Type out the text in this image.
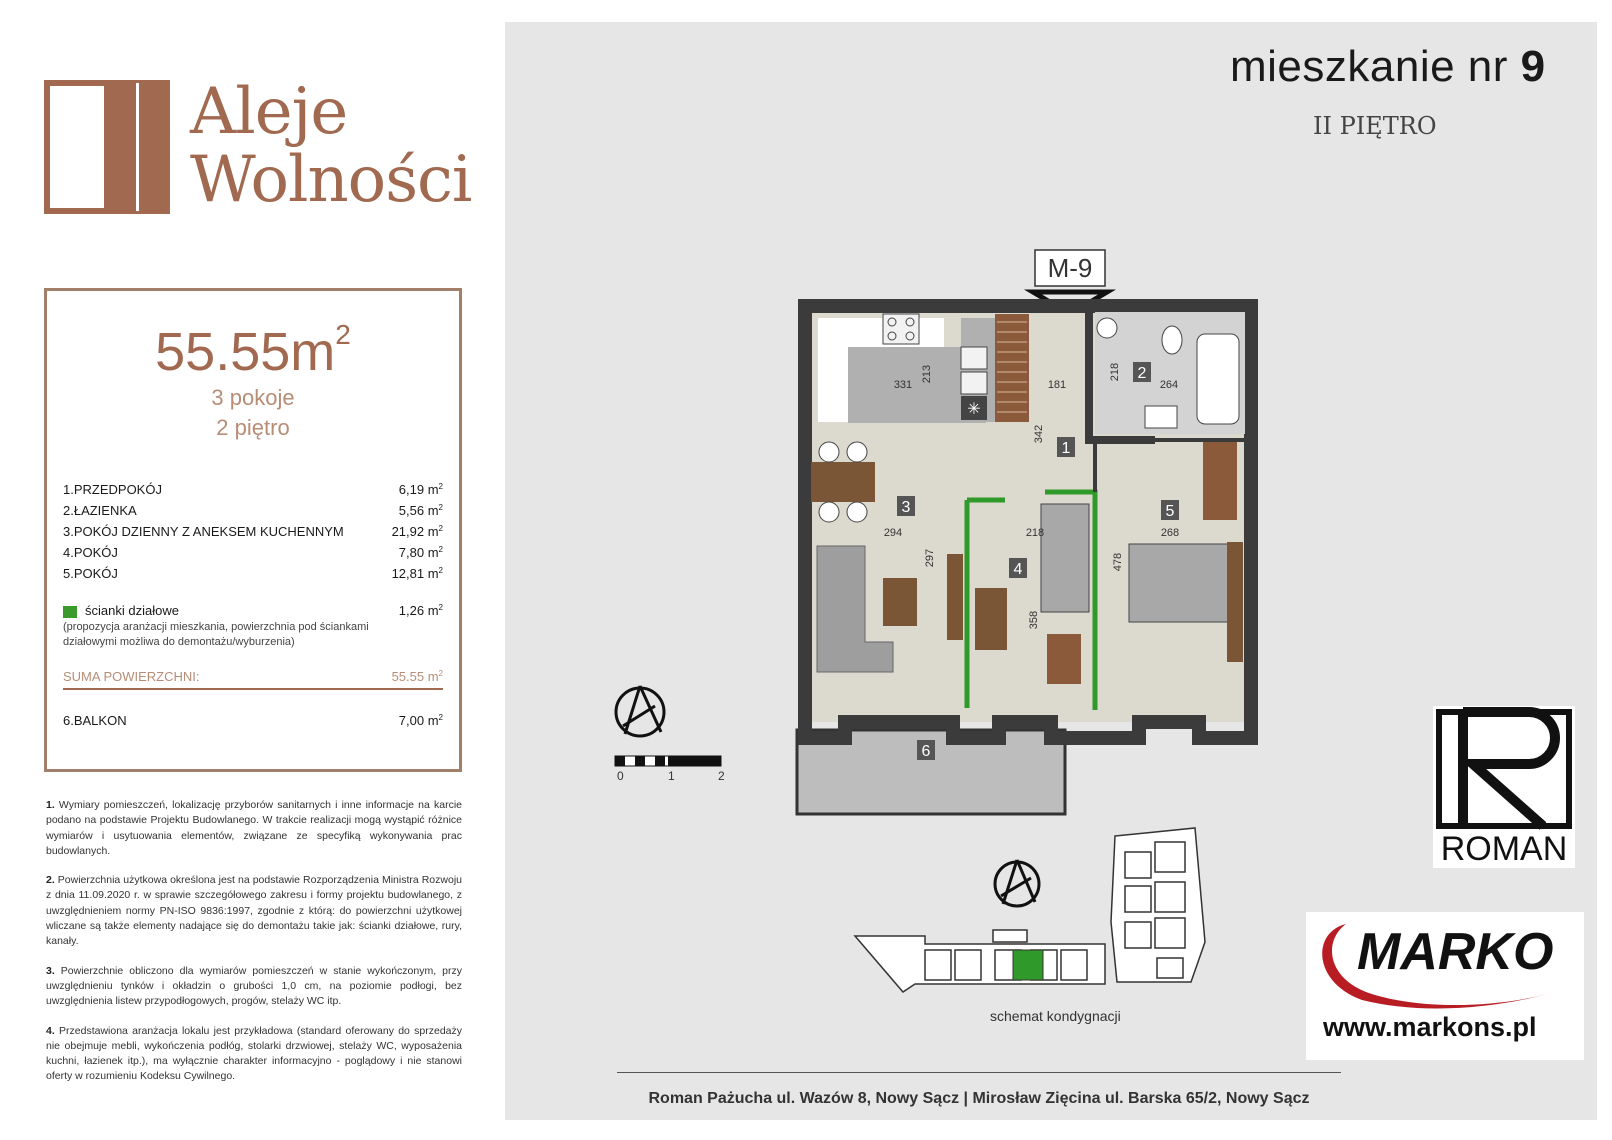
Aleje
Wolności
$55.55m^2$
3 pokoje
2 piętro
1.PRZEDPOKÓJ	6,19 $m^2$
2.ŁAZIENKA	5,56 $m^2$
3.POKÓJ DZIENNY Z ANEKSEM KUCHENNYM	21,92 $m^2$
4.POKÓJ	7,80 $m^2$
5.POKÓJ	12,81 $m^2$
ścianki działowe	1,26 $m^2$
(propozycja aranżacji mieszkania, powierzchnia pod ściankami działowymi możliwa do demontażu/wyburzenia)
SUMA POWIERZCHNI:	55.55 $m^2$
6.BALKON	7,00 $m^2$

1. Wymiary pomieszczeń, lokalizację przyborów sanitarnych i inne informacje na karcie podano na podstawie Projektu Budowlanego. W trakcie realizacji mogą wystąpić różnice wymiarów i usytuowania elementów, związane ze specyfiką wykonywania prac budowlanych.

2. Powierzchnia użytkowa określona jest na podstawie Rozporządzenia Ministra Rozwoju z dnia 11.09.2020 r. w sprawie szczegółowego zakresu i formy projektu budowlanego, z uwzględnieniem normy PN-ISO 9836:1997, zgodnie z którą: do powierzchni użytkowej wliczane są także elementy nadające się do demontażu takie jak: ścianki działowe, rury, kanały.

3. Powierzchnie obliczono dla wymiarów pomieszczeń w stanie wykończonym, przy uwzględnieniu tynków i okładzin o grubości 1,0 cm, na poziomie podłogi, bez uwzględnienia listew przypodłogowych, progów, stelaży WC itp.

4. Przedstawiona aranżacja lokalu jest przykładowa (standard oferowany do sprzedaży nie obejmuje mebli, wykończenia podłóg, stolarki drzwiowej, stelaży WC, wyposażenia kuchni, łazienek itp.), ma wyłącznie charakter informacyjno - poglądowy i nie stanowi oferty w rozumieniu Kodeksu Cywilnego.

mieszkanie nr 9
II PIĘTRO
M-9
✳
1
2
3
4
5
6
331
213
181
218
264
342
294
297
218
358
268
478
0	1	2
schemat kondygnacji
ROMAN
MARKO
www.markons.pl
Roman Pażucha ul. Wazów 8, Nowy Sącz | Mirosław Zięcina ul. Barska 65/2, Nowy Sącz
